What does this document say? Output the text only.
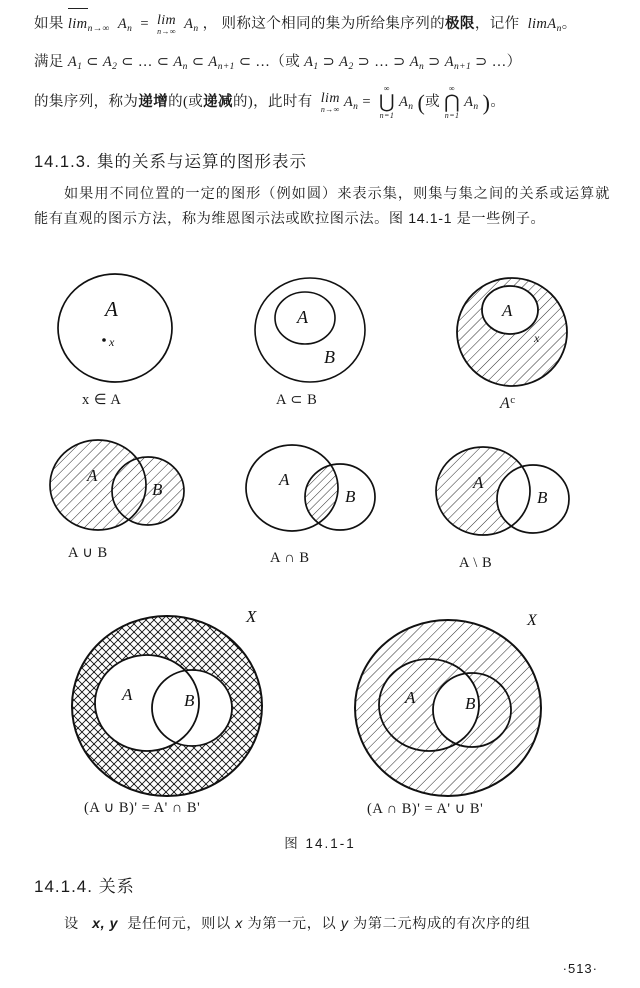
如果 $\lim_{n\to\infty} A_n = \lim$
n→∞ $A_n$ ， 则称这个相同的集为所给集序列的极限，记作  limA$_n$。
满足 $A_1$ ⊂ $A_2$ ⊂ … ⊂ $A_n$ ⊂ $A_{n+1}$ ⊂ …（或 $A_1$ ⊃ $A_2$ ⊃ … ⊃ $A_n$ ⊃ $A_{n+1}$ ⊃ …）
的集序列，称为递增的(或递减的)，此时有 lim
n→∞ $A_n$ =
∞
⋃
n=1
$A_n$ (或
∞
⋂
n=1
$A_n$ )。
14.1.3. 集的关系与运算的图形表示
如果用不同位置的一定的图形（例如圆）来表示集，则集与集之间的关系或运算就能有直观的图示方法，称为维恩图示法或欧拉图示法。图 14.1-1 是一些例子。
A
x
x ∈ A
A
B
A ⊂ B
A
x
$A^c$
A
B
A ∪ B
A
B
A ∩ B
A
B
A \ B
A	B
X
(A ∪ B)' = A' ∩ B'
A	B
X
(A ∩ B)' = A' ∪ B'
图 14.1-1
14.1.4. 关系
设  x, y  是任何元，则以 x 为第一元，以 y 为第二元构成的有次序的组
·513·
